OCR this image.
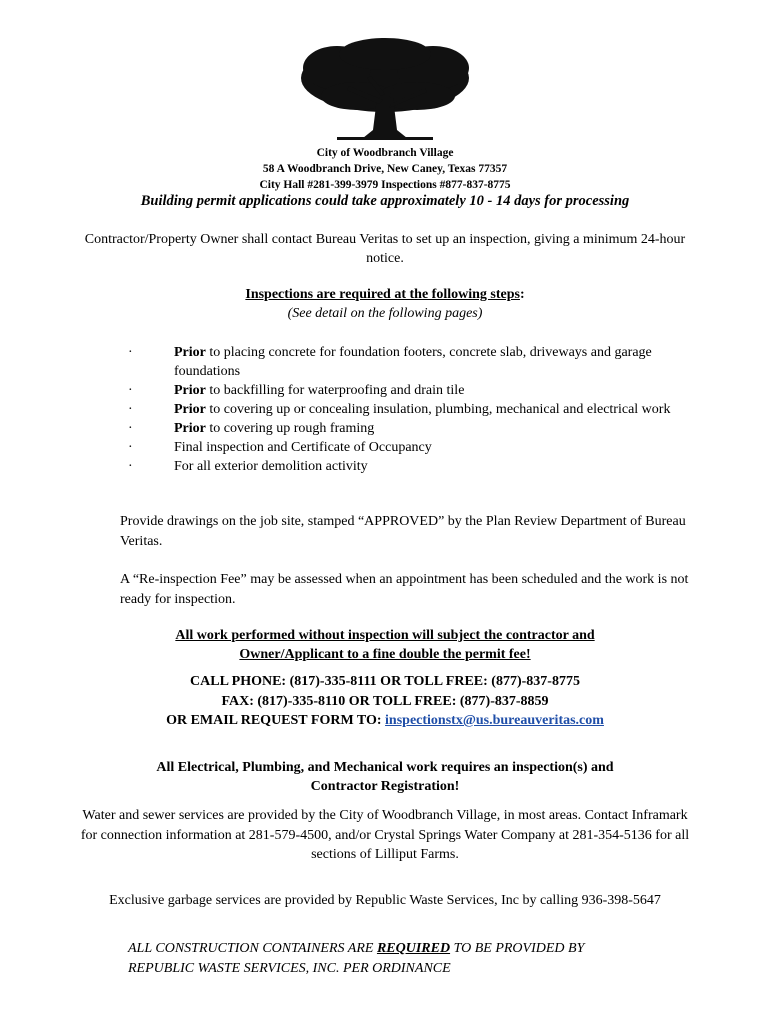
City of Woodbranch Village
58 A Woodbranch Drive, New Caney, Texas 77357
City Hall #281-399-3979 Inspections #877-837-8775
Building permit applications could take approximately 10 - 14 days for processing
Contractor/Property Owner shall contact Bureau Veritas to set up an inspection, giving a minimum 24-hour notice.
Inspections are required at the following steps:
(See detail on the following pages)
·	Prior to placing concrete for foundation footers, concrete slab, driveways and garage foundations
·	Prior to backfilling for waterproofing and drain tile
·	Prior to covering up or concealing insulation, plumbing, mechanical and electrical work
·	Prior to covering up rough framing
·	Final inspection and Certificate of Occupancy
·	For all exterior demolition activity
Provide drawings on the job site, stamped “APPROVED” by the Plan Review Department of Bureau Veritas.
A “Re-inspection Fee” may be assessed when an appointment has been scheduled and the work is not ready for inspection.
All work performed without inspection will subject the contractor and
Owner/Applicant to a fine double the permit fee!
CALL PHONE: (817)-335-8111 OR TOLL FREE: (877)-837-8775
FAX: (817)-335-8110 OR TOLL FREE: (877)-837-8859
OR EMAIL REQUEST FORM TO: inspectionstx@us.bureauveritas.com
All Electrical, Plumbing, and Mechanical work requires an inspection(s) and
Contractor Registration!
Water and sewer services are provided by the City of Woodbranch Village, in most areas. Contact Inframark for connection information at 281-579-4500, and/or Crystal Springs Water Company at 281-354-5136 for all sections of Lilliput Farms.
Exclusive garbage services are provided by Republic Waste Services, Inc by calling 936-398-5647
ALL CONSTRUCTION CONTAINERS ARE REQUIRED TO BE PROVIDED BY
REPUBLIC WASTE SERVICES, INC. PER ORDINANCE
